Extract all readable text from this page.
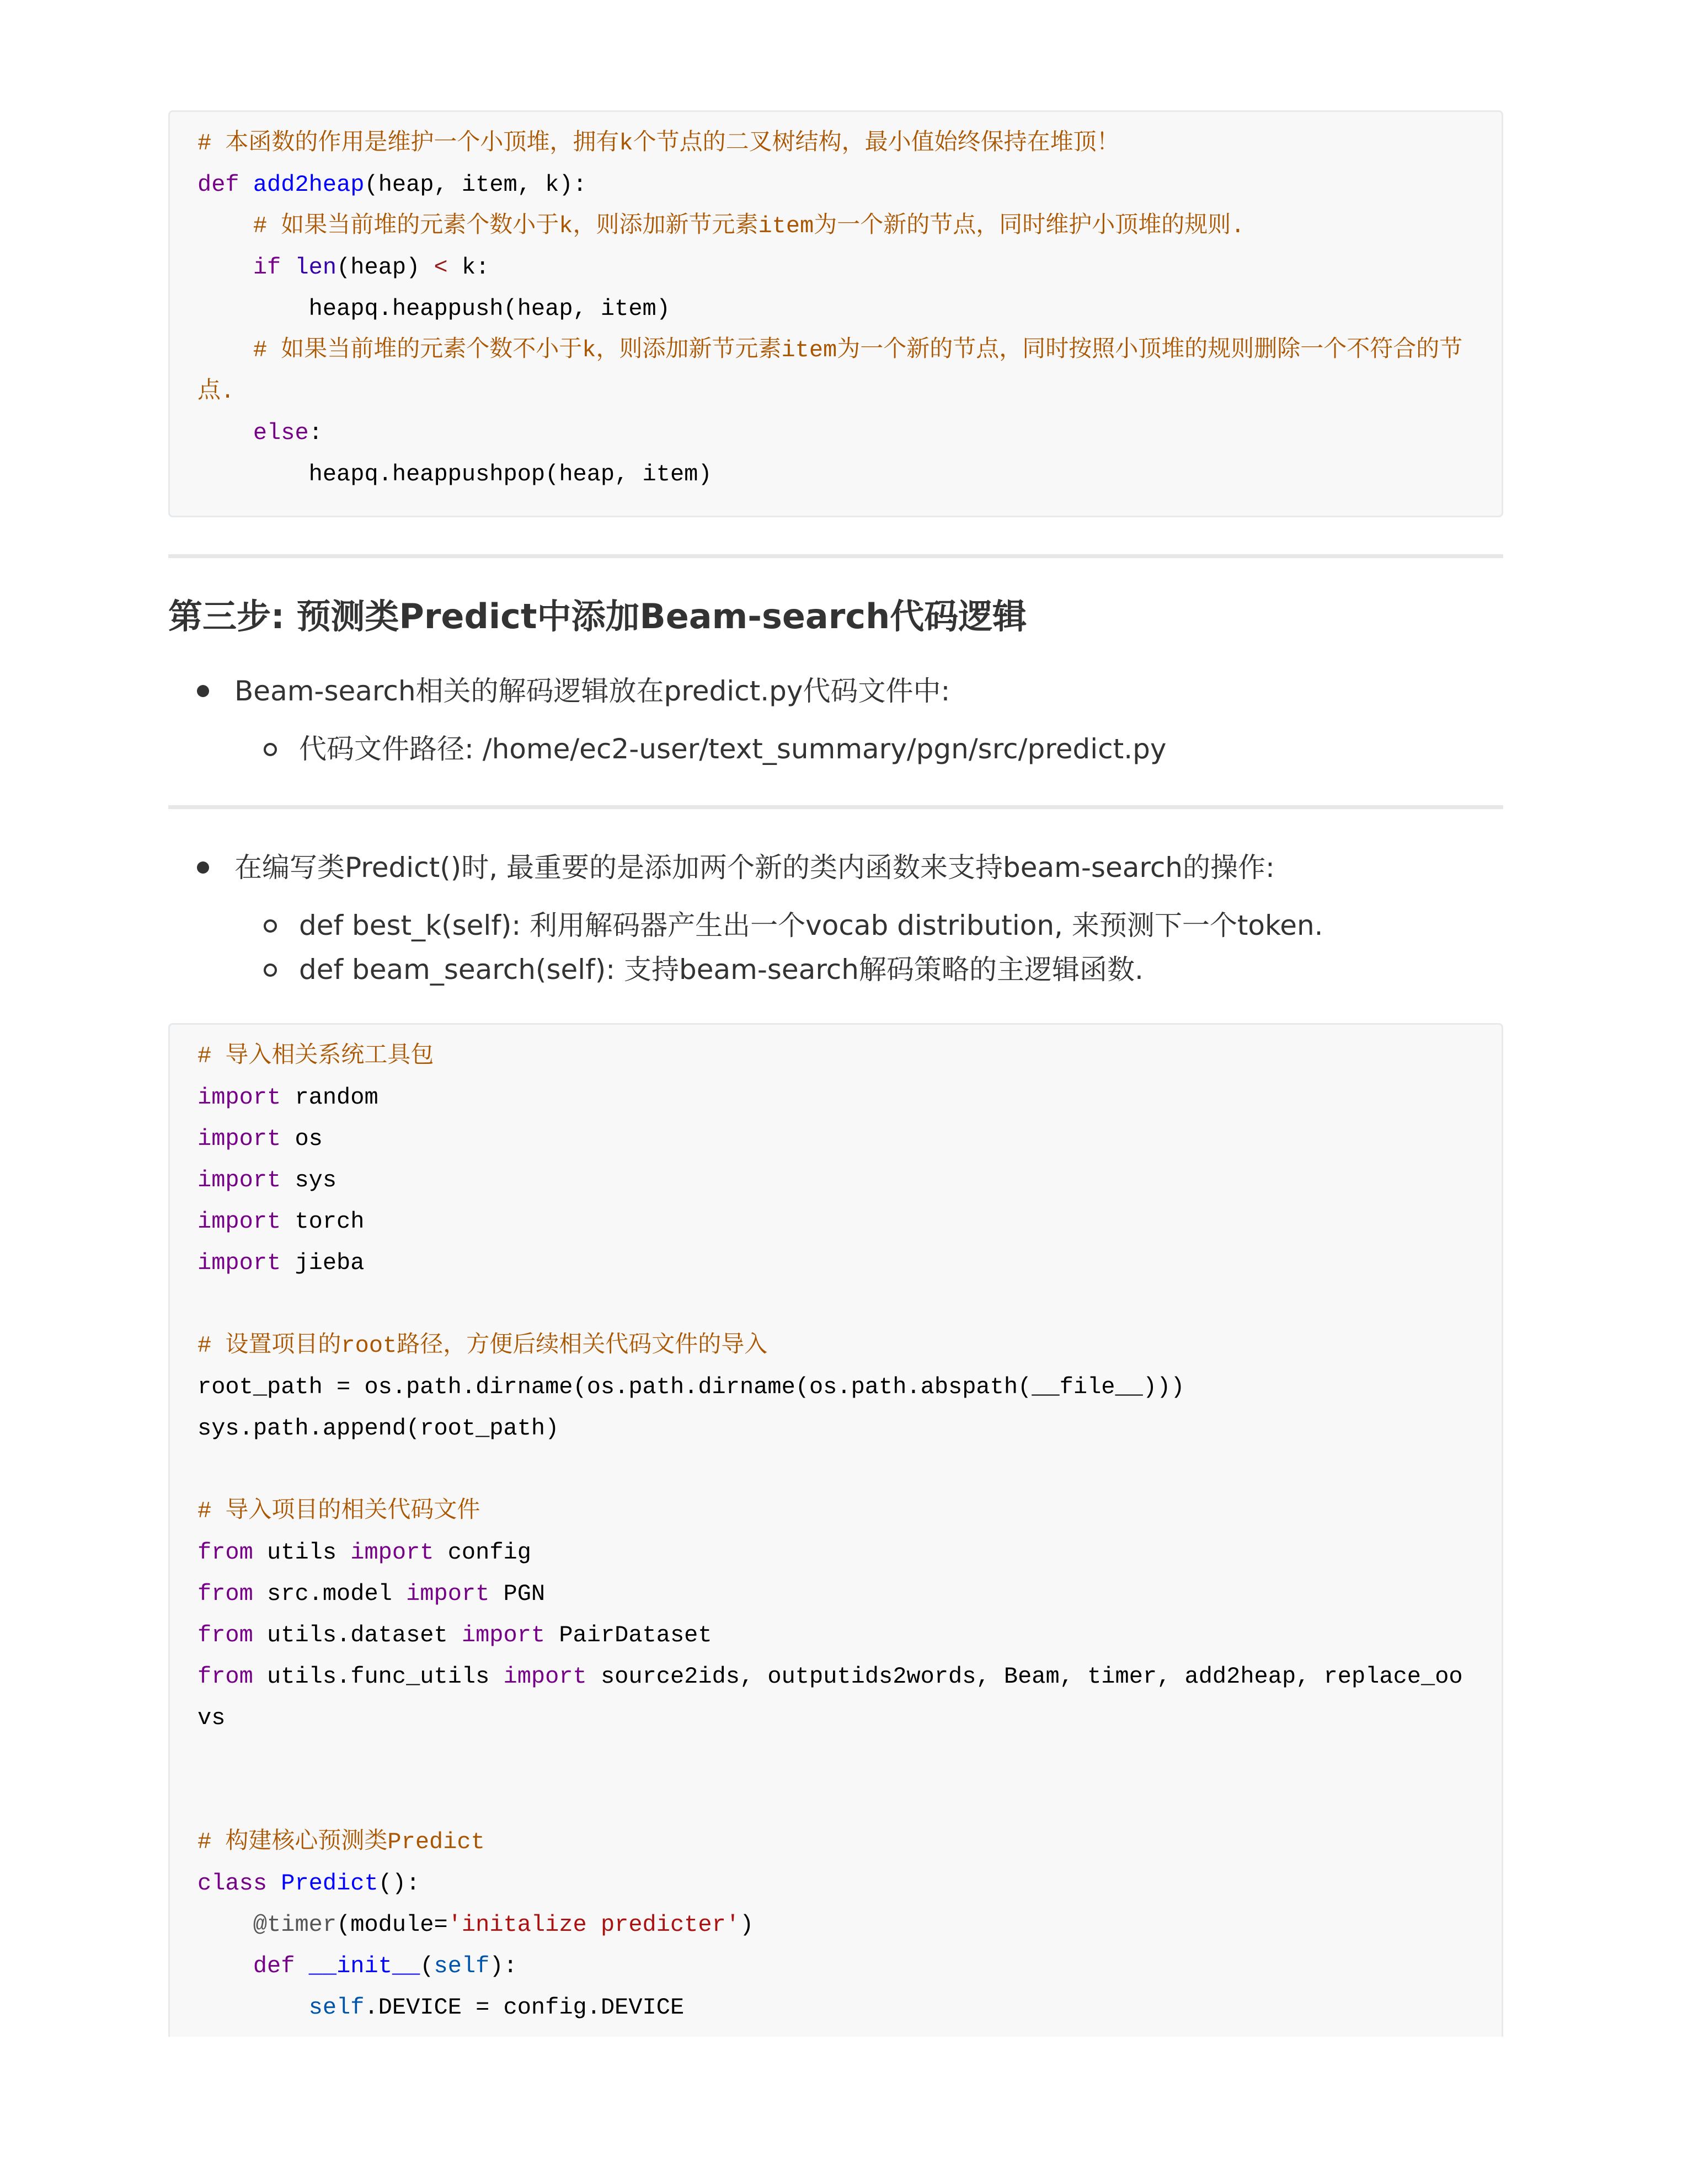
# 本函数的作用是维护一个小顶堆，拥有k个节点的二叉树结构，最小值始终保持在堆顶！
def add2heap(heap, item, k):
# 如果当前堆的元素个数小于k，则添加新节元素item为一个新的节点，同时维护小顶堆的规则.
if len(heap) < k:
heapq.heappush(heap, item)
# 如果当前堆的元素个数不小于k，则添加新节元素item为一个新的节点，同时按照小顶堆的规则删除一个不符合的节点.
else:
heapq.heappushpop(heap, item)
第三步: 预测类Predict中添加Beam-search代码逻辑
Beam-search相关的解码逻辑放在predict.py代码文件中:
代码文件路径: /home/ec2-user/text_summary/pgn/src/predict.py
在编写类Predict()时, 最重要的是添加两个新的类内函数来支持beam-search的操作:
def best_k(self): 利用解码器产生出一个vocab distribution, 来预测下一个token.
def beam_search(self): 支持beam-search解码策略的主逻辑函数.
# 导入相关系统工具包
import random
import os
import sys
import torch
import jieba
# 设置项目的root路径，方便后续相关代码文件的导入
root_path = os.path.dirname(os.path.dirname(os.path.abspath(__file__)))
sys.path.append(root_path)
# 导入项目的相关代码文件
from utils import config
from src.model import PGN
from utils.dataset import PairDataset
from utils.func_utils import source2ids, outputids2words, Beam, timer, add2heap, replace_oovs
# 构建核心预测类Predict
class Predict():
@timer(module='initalize predicter')
def __init__(self):
self.DEVICE = config.DEVICE
